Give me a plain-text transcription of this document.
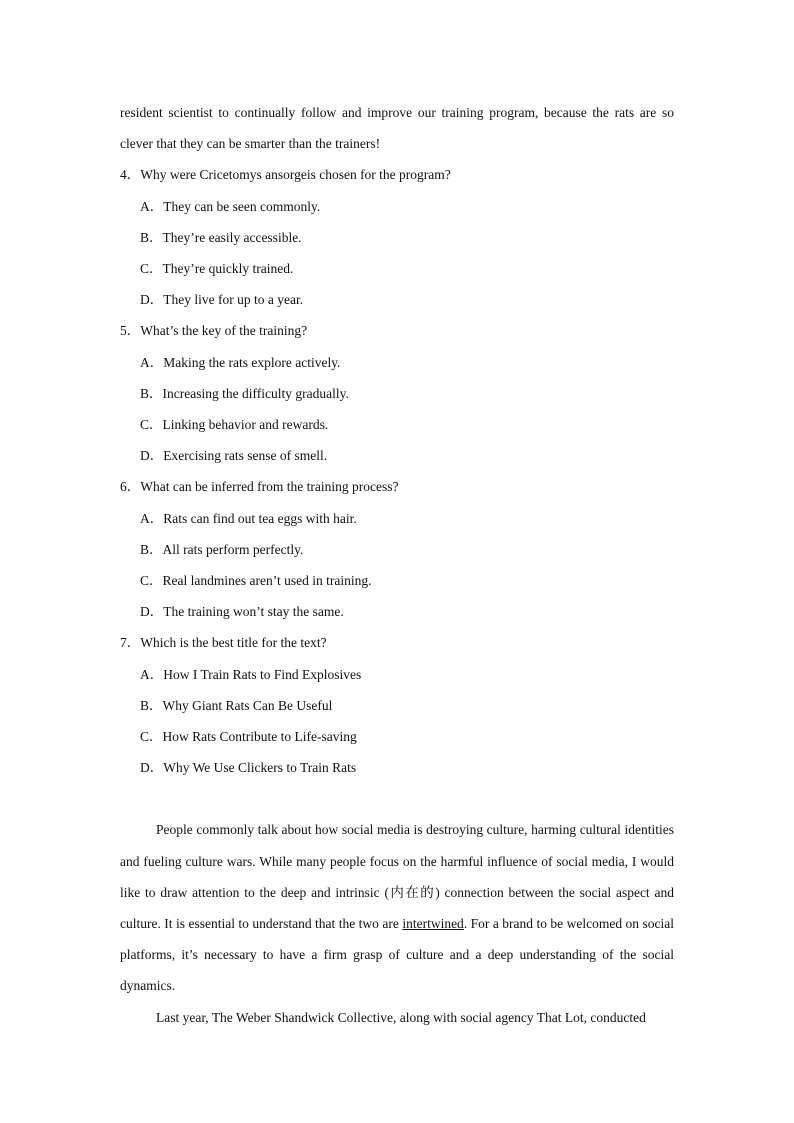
resident scientist to continually follow and improve our training program, because the rats are so clever that they can be smarter than the trainers!

4．Why were Cricetomys ansorgeis chosen for the program?

A．They can be seen commonly.

B．They’re easily accessible.

C．They’re quickly trained.

D．They live for up to a year.

5．What’s the key of the training?

A．Making the rats explore actively.

B．Increasing the difficulty gradually.

C．Linking behavior and rewards.

D．Exercising rats sense of smell.

6．What can be inferred from the training process?

A．Rats can find out tea eggs with hair.

B．All rats perform perfectly.

C．Real landmines aren’t used in training.

D．The training won’t stay the same.

7．Which is the best title for the text?

A．How I Train Rats to Find Explosives

B．Why Giant Rats Can Be Useful

C．How Rats Contribute to Life-saving

D．Why We Use Clickers to Train Rats

People commonly talk about how social media is destroying culture, harming cultural identities and fueling culture wars. While many people focus on the harmful influence of social media, I would like to draw attention to the deep and intrinsic (内在的) connection between the social aspect and culture. It is essential to understand that the two are intertwined. For a brand to be welcomed on social platforms, it’s necessary to have a firm grasp of culture and a deep understanding of the social dynamics.

Last year, The Weber Shandwick Collective, along with social agency That Lot, conducted
